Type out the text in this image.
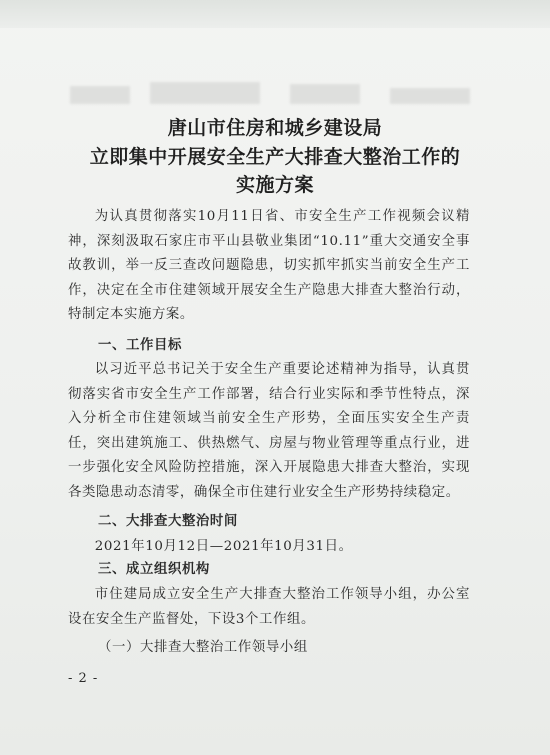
唐山市住房和城乡建设局
立即集中开展安全生产大排查大整治工作的
实施方案
为认真贯彻落实10月11日省、市安全生产工作视频会议精神，深刻汲取石家庄市平山县敬业集团“10.11”重大交通安全事故教训，举一反三查改问题隐患，切实抓牢抓实当前安全生产工作，决定在全市住建领域开展安全生产隐患大排查大整治行动，特制定本实施方案。
一、工作目标
以习近平总书记关于安全生产重要论述精神为指导，认真贯彻落实省市安全生产工作部署，结合行业实际和季节性特点，深入分析全市住建领域当前安全生产形势，全面压实安全生产责任，突出建筑施工、供热燃气、房屋与物业管理等重点行业，进一步强化安全风险防控措施，深入开展隐患大排查大整治，实现各类隐患动态清零，确保全市住建行业安全生产形势持续稳定。
二、大排查大整治时间
2021年10月12日—2021年10月31日。
三、成立组织机构
市住建局成立安全生产大排查大整治工作领导小组，办公室设在安全生产监督处，下设3个工作组。
（一）大排查大整治工作领导小组
- 2 -
